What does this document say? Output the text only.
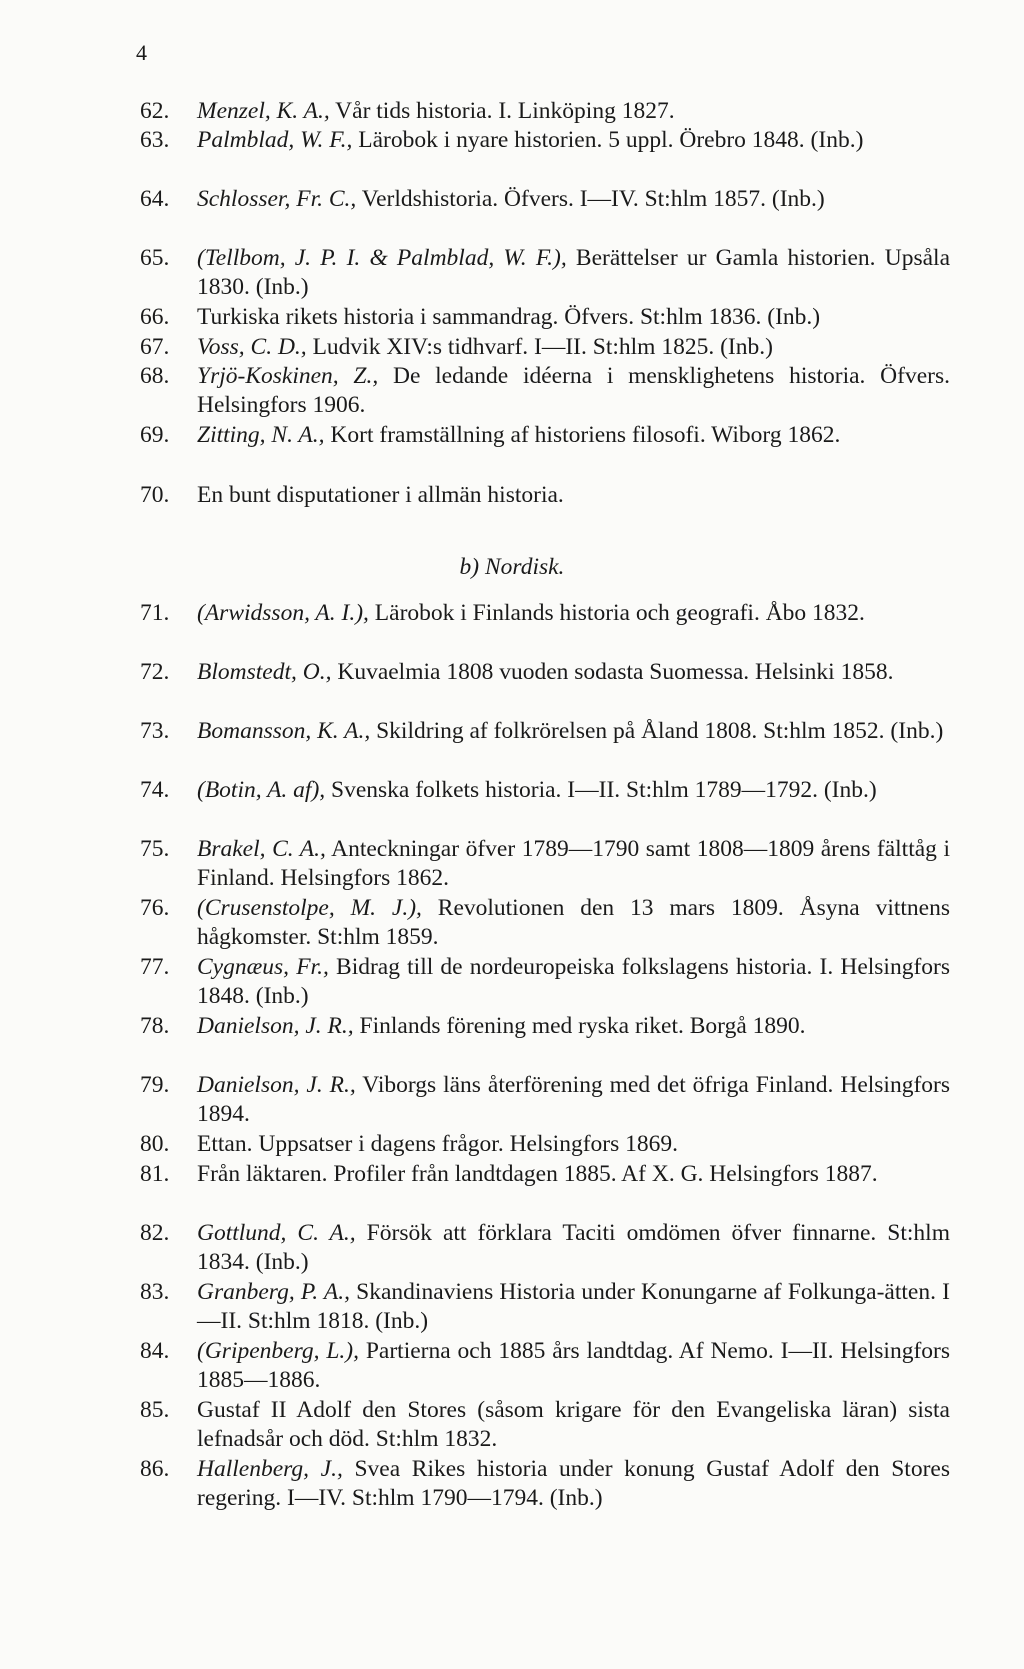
4
62.	Menzel, K. A., Vår tids historia. I. Linköping 1827.
63.	Palmblad, W. F., Lärobok i nyare historien. 5 uppl. Örebro 1848. (Inb.)
64.	Schlosser, Fr. C., Verldshistoria. Öfvers. I—IV. St:hlm 1857. (Inb.)
65.	(Tellbom, J. P. I. & Palmblad, W. F.), Berättelser ur Gamla historien. Upsåla 1830. (Inb.)
66.	Turkiska rikets historia i sammandrag. Öfvers. St:hlm 1836. (Inb.)
67.	Voss, C. D., Ludvik XIV:s tidhvarf. I—II. St:hlm 1825. (Inb.)
68.	Yrjö-Koskinen, Z., De ledande idéerna i mensklighetens historia. Öfvers. Helsingfors 1906.
69.	Zitting, N. A., Kort framställning af historiens filosofi. Wiborg 1862.
70.	En bunt disputationer i allmän historia.
b) Nordisk.
71.	(Arwidsson, A. I.), Lärobok i Finlands historia och geografi. Åbo 1832.
72.	Blomstedt, O., Kuvaelmia 1808 vuoden sodasta Suomessa. Helsinki 1858.
73.	Bomansson, K. A., Skildring af folkrörelsen på Åland 1808. St:hlm 1852. (Inb.)
74.	(Botin, A. af), Svenska folkets historia. I—II. St:hlm 1789—1792. (Inb.)
75.	Brakel, C. A., Anteckningar öfver 1789—1790 samt 1808—1809 årens fälttåg i Finland. Helsingfors 1862.
76.	(Crusenstolpe, M. J.), Revolutionen den 13 mars 1809. Åsyna vittnens hågkomster. St:hlm 1859.
77.	Cygnæus, Fr., Bidrag till de nordeuropeiska folkslagens historia. I. Helsingfors 1848. (Inb.)
78.	Danielson, J. R., Finlands förening med ryska riket. Borgå 1890.
79.	Danielson, J. R., Viborgs läns återförening med det öfriga Finland. Helsingfors 1894.
80.	Ettan. Uppsatser i dagens frågor. Helsingfors 1869.
81.	Från läktaren. Profiler från landtdagen 1885. Af X. G. Helsingfors 1887.
82.	Gottlund, C. A., Försök att förklara Taciti omdömen öfver finnarne. St:hlm 1834. (Inb.)
83.	Granberg, P. A., Skandinaviens Historia under Konungarne af Folkunga-ätten. I—II. St:hlm 1818. (Inb.)
84.	(Gripenberg, L.), Partierna och 1885 års landtdag. Af Nemo. I—II. Helsingfors 1885—1886.
85.	Gustaf II Adolf den Stores (såsom krigare för den Evangeliska läran) sista lefnadsår och död. St:hlm 1832.
86.	Hallenberg, J., Svea Rikes historia under konung Gustaf Adolf den Stores regering. I—IV. St:hlm 1790—1794. (Inb.)
